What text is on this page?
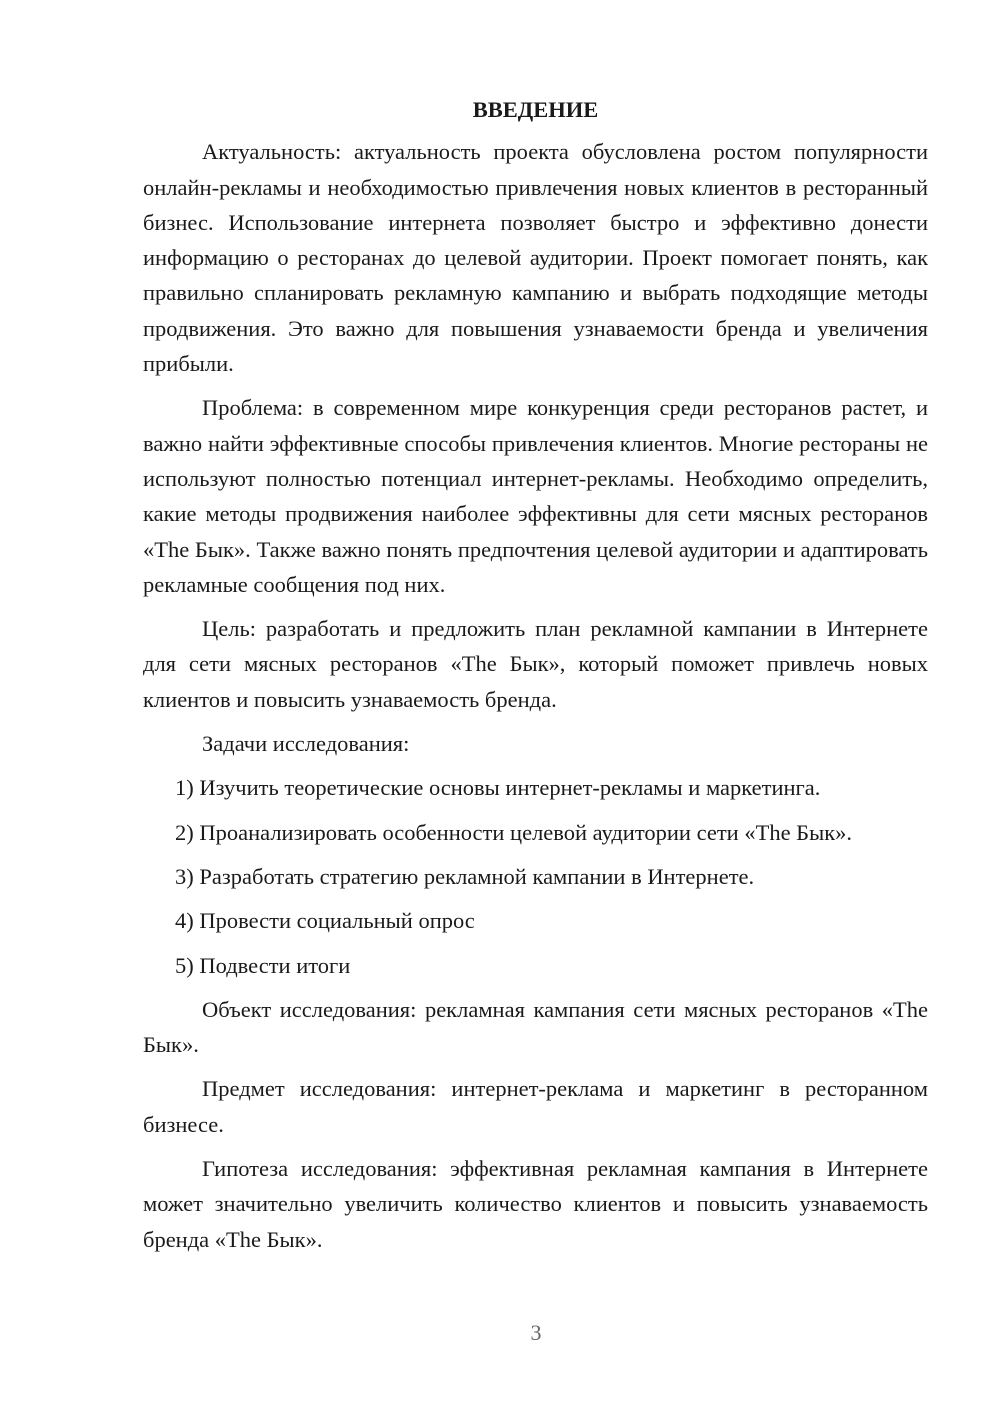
ВВЕДЕНИЕ

Актуальность: актуальность проекта обусловлена ростом популярности онлайн-рекламы и необходимостью привлечения новых клиентов в ресторанный бизнес. Использование интернета позволяет быстро и эффективно донести информацию о ресторанах до целевой аудитории. Проект помогает понять, как правильно спланировать рекламную кампанию и выбрать подходящие методы продвижения. Это важно для повышения узнаваемости бренда и увеличения прибыли.

Проблема: в современном мире конкуренция среди ресторанов растет, и важно найти эффективные способы привлечения клиентов. Многие рестораны не используют полностью потенциал интернет-рекламы. Необходимо определить, какие методы продвижения наиболее эффективны для сети мясных ресторанов «The Бык». Также важно понять предпочтения целевой аудитории и адаптировать рекламные сообщения под них.

Цель: разработать и предложить план рекламной кампании в Интернете для сети мясных ресторанов «The Бык», который поможет привлечь новых клиентов и повысить узнаваемость бренда.

Задачи исследования:

1) Изучить теоретические основы интернет-рекламы и маркетинга.
2) Проанализировать особенности целевой аудитории сети «The Бык».
3) Разработать стратегию рекламной кампании в Интернете.
4) Провести социальный опрос
5) Подвести итоги

Объект исследования: рекламная кампания сети мясных ресторанов «The Бык».

Предмет исследования: интернет-реклама и маркетинг в ресторанном бизнесе.

Гипотеза исследования: эффективная рекламная кампания в Интернете может значительно увеличить количество клиентов и повысить узнаваемость бренда «The Бык».

3
